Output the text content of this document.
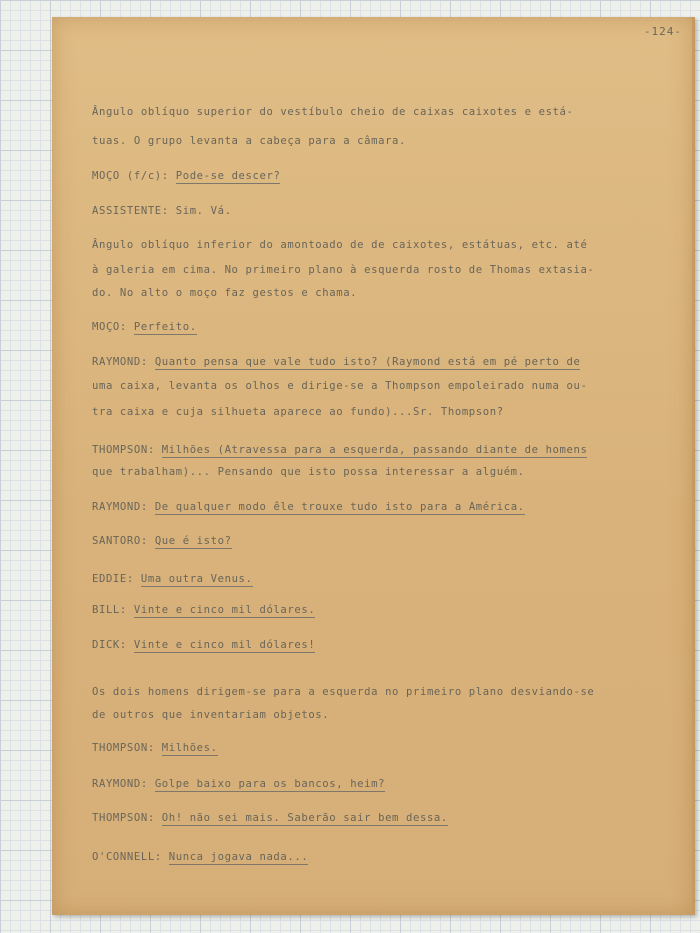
-124-
Ângulo oblíquo superior do vestíbulo cheio de caixas caixotes e está-
tuas. O grupo levanta a cabeça para a câmara.
MOÇO (f/c): Pode-se descer?
ASSISTENTE: Sim. Vá.
Ângulo oblíquo inferior do amontoado de de caixotes, estátuas, etc. até
à galeria em cima. No primeiro plano à esquerda rosto de Thomas extasia-
do. No alto o moço faz gestos e chama.
MOÇO: Perfeito.
RAYMOND: Quanto pensa que vale tudo isto? (Raymond está em pé perto de
uma caixa, levanta os olhos e dirige-se a Thompson empoleirado numa ou-
tra caixa e cuja silhueta aparece ao fundo)...Sr. Thompson?
THOMPSON: Milhões (Atravessa para a esquerda, passando diante de homens
que trabalham)... Pensando que isto possa interessar a alguém.
RAYMOND: De qualquer modo êle trouxe tudo isto para a América.
SANTORO: Que é isto?
EDDIE: Uma outra Venus.
BILL: Vinte e cinco mil dólares.
DICK: Vinte e cinco mil dólares!
Os dois homens dirigem-se para a esquerda no primeiro plano desviando-se
de outros que inventariam objetos.
THOMPSON: Milhões.
RAYMOND: Golpe baixo para os bancos, heim?
THOMPSON: Oh! não sei mais. Saberão sair bem dessa.
O'CONNELL: Nunca jogava nada...
